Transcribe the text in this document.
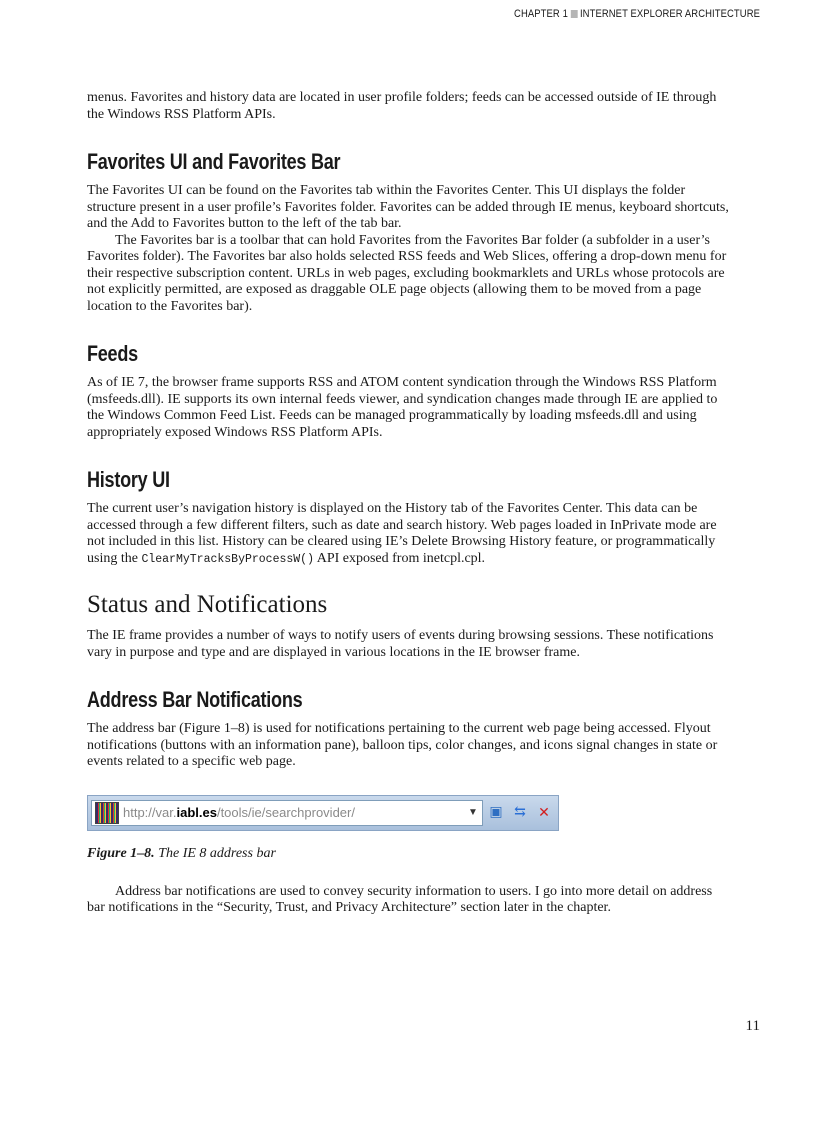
CHAPTER 1 INTERNET EXPLORER ARCHITECTURE

menus. Favorites and history data are located in user profile folders; feeds can be accessed outside of IE through the Windows RSS Platform APIs.

Favorites UI and Favorites Bar

The Favorites UI can be found on the Favorites tab within the Favorites Center. This UI displays the folder structure present in a user profile’s Favorites folder. Favorites can be added through IE menus, keyboard shortcuts, and the Add to Favorites button to the left of the tab bar.

The Favorites bar is a toolbar that can hold Favorites from the Favorites Bar folder (a subfolder in a user’s Favorites folder). The Favorites bar also holds selected RSS feeds and Web Slices, offering a drop-down menu for their respective subscription content. URLs in web pages, excluding bookmarklets and URLs whose protocols are not explicitly permitted, are exposed as draggable OLE page objects (allowing them to be moved from a page location to the Favorites bar).

Feeds

As of IE 7, the browser frame supports RSS and ATOM content syndication through the Windows RSS Platform (msfeeds.dll). IE supports its own internal feeds viewer, and syndication changes made through IE are applied to the Windows Common Feed List. Feeds can be managed programmatically by loading msfeeds.dll and using appropriately exposed Windows RSS Platform APIs.

History UI

The current user’s navigation history is displayed on the History tab of the Favorites Center. This data can be accessed through a few different filters, such as date and search history. Web pages loaded in InPrivate mode are not included in this list. History can be cleared using IE’s Delete Browsing History feature, or programmatically using the ClearMyTracksByProcessW() API exposed from inetcpl.cpl.

Status and Notifications

The IE frame provides a number of ways to notify users of events during browsing sessions. These notifications vary in purpose and type and are displayed in various locations in the IE browser frame.

Address Bar Notifications

The address bar (Figure 1–8) is used for notifications pertaining to the current web page being accessed. Flyout notifications (buttons with an information pane), balloon tips, color changes, and icons signal changes in state or events related to a specific web page.

http://var.iabl.es/tools/ie/searchprovider/	▼ ▣ ⇆ ✕
Figure 1–8. The IE 8 address bar

Address bar notifications are used to convey security information to users. I go into more detail on address bar notifications in the “Security, Trust, and Privacy Architecture” section later in the chapter.

11
